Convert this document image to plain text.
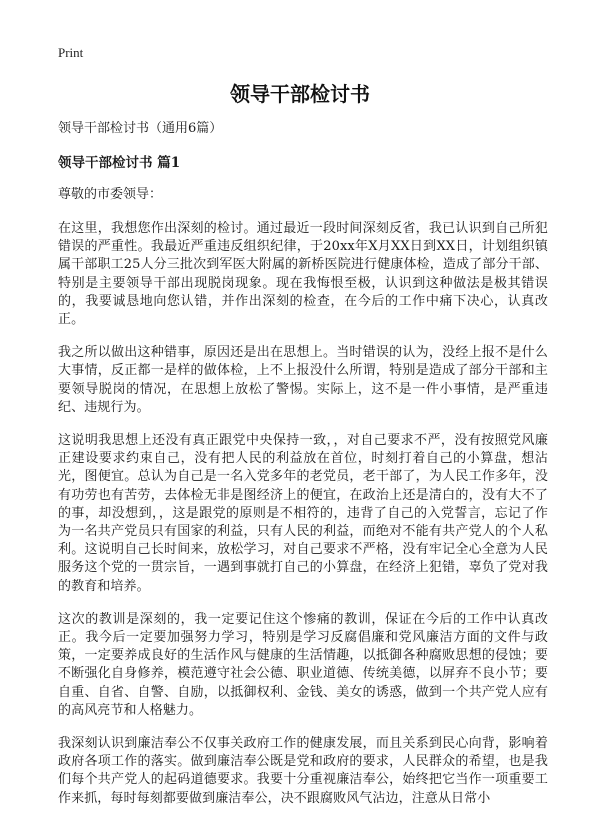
Print
领导干部检讨书

领导干部检讨书（通用6篇）

领导干部检讨书 篇1

尊敬的市委领导：

在这里，我想您作出深刻的检讨。通过最近一段时间深刻反省，我已认识到自己所犯错误的严重性。我最近严重违反组织纪律，于20xx年X月XX日到XX日，计划组织镇属干部职工25人分三批次到军医大附属的新桥医院进行健康体检，造成了部分干部、特别是主要领导干部出现脱岗现象。现在我悔恨至极，认识到这种做法是极其错误的，我要诚恳地向您认错，并作出深刻的检查，在今后的工作中痛下决心，认真改正。

我之所以做出这种错事，原因还是出在思想上。当时错误的认为，没经上报不是什么大事情，反正都一是样的做体检，上不上报没什么所谓，特别是造成了部分干部和主要领导脱岗的情况，在思想上放松了警惕。实际上，这不是一件小事情，是严重违纪、违规行为。

这说明我思想上还没有真正跟党中央保持一致，，对自己要求不严，没有按照党风廉正建设要求约束自己，没有把人民的利益放在首位，时刻打着自己的小算盘，想沾光，图便宜。总认为自己是一名入党多年的老党员，老干部了，为人民工作多年，没有功劳也有苦劳，去体检无非是图经济上的便宜，在政治上还是清白的，没有大不了的事，却没想到，，这是跟党的原则是不相符的，违背了自己的入党誓言，忘记了作为一名共产党员只有国家的利益，只有人民的利益，而绝对不能有共产党人的个人私利。这说明自己长时间来，放松学习，对自己要求不严格，没有牢记全心全意为人民服务这个党的一贯宗旨，一遇到事就打自己的小算盘，在经济上犯错，辜负了党对我的教育和培养。

这次的教训是深刻的，我一定要记住这个惨痛的教训，保证在今后的工作中认真改正。我今后一定要加强努力学习，特别是学习反腐倡廉和党风廉洁方面的文件与政策，一定要养成良好的生活作风与健康的生活情趣，以抵御各种腐败思想的侵蚀；要不断强化自身修养，模范遵守社会公德、职业道德、传统美德，以屏弃不良小节；要自重、自省、自警、自励，以抵御权利、金钱、美女的诱惑，做到一个共产党人应有的高风亮节和人格魅力。

我深刻认识到廉洁奉公不仅事关政府工作的健康发展，而且关系到民心向背，影响着政府各项工作的落实。做到廉洁奉公既是党和政府的要求，人民群众的希望，也是我们每个共产党人的起码道德要求。我要十分重视廉洁奉公，始终把它当作一项重要工作来抓，每时每刻都要做到廉洁奉公，决不跟腐败风气沾边，注意从日常小
